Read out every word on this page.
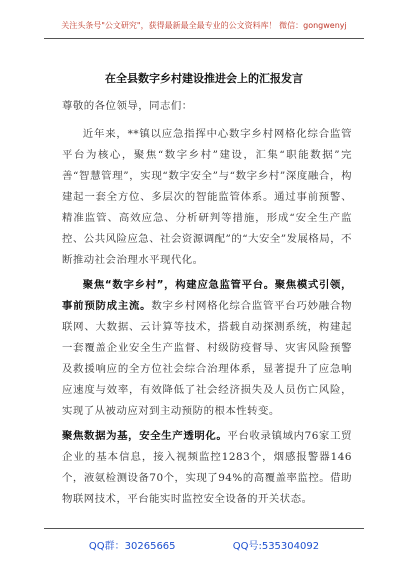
关注头条号"公文研究"，获得最新最全最专业的公文资料库！ 微信：gongwenyj
在全县数字乡村建设推进会上的汇报发言

尊敬的各位领导，同志们：

近年来，**镇以应急指挥中心数字乡村网格化综合监管平台为核心，聚焦“数字乡村”建设，汇集“职能数据”完善“智慧管理”，实现“数字安全”与“数字乡村”深度融合，构建起一套全方位、多层次的智能监管体系。通过事前预警、精准监管、高效应急、分析研判等措施，形成“安全生产监控、公共风险应急、社会资源调配”的“大安全”发展格局，不断推动社会治理水平现代化。

聚焦“数字乡村”，构建应急监管平台。聚焦模式引领，事前预防成主流。数字乡村网格化综合监管平台巧妙融合物联网、大数据、云计算等技术，搭载自动探测系统，构建起一套覆盖企业安全生产监督、村级防疫督导、灾害风险预警及救援响应的全方位社会综合治理体系，显著提升了应急响应速度与效率，有效降低了社会经济损失及人员伤亡风险，实现了从被动应对到主动预防的根本性转变。

聚焦数据为基，安全生产透明化。平台收录镇域内76家工贸企业的基本信息，接入视频监控1283个，烟感报警器146个，液氨检测设备70个，实现了94%的高覆盖率监控。借助物联网技术，平台能实时监控安全设备的开关状态。

QQ群：30265665	QQ号:535304092
